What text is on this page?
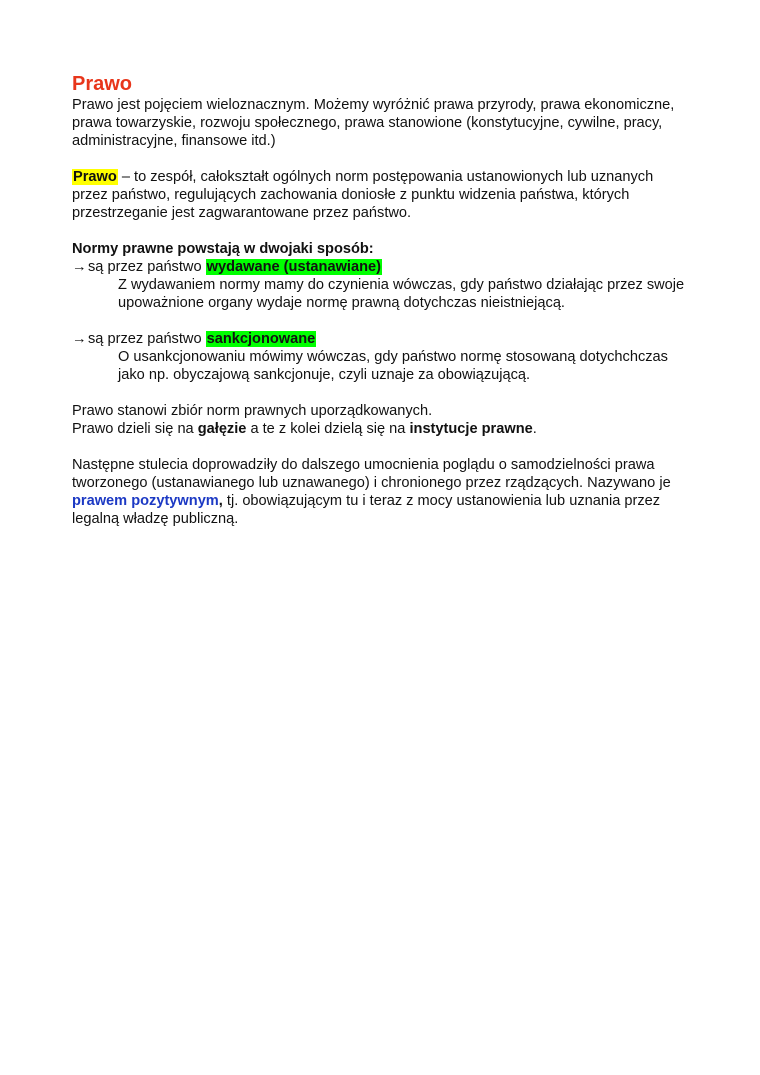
Prawo

Prawo jest pojęciem wieloznacznym. Możemy wyróżnić prawa przyrody, prawa ekonomiczne, prawa towarzyskie, rozwoju społecznego, prawa stanowione (konstytucyjne, cywilne, pracy, administracyjne, finansowe itd.)

Prawo – to zespół, całokształt ogólnych norm postępowania ustanowionych lub uznanych przez państwo, regulujących zachowania doniosłe z punktu widzenia państwa, których przestrzeganie jest zagwarantowane przez państwo.

Normy prawne powstają w dwojaki sposób:

→są przez państwo wydawane (ustanawiane)

Z wydawaniem normy mamy do czynienia wówczas, gdy państwo działając przez swoje upoważnione organy wydaje normę prawną dotychczas nieistniejącą.

→są przez państwo sankcjonowane

O usankcjonowaniu mówimy wówczas, gdy państwo normę stosowaną dotychchczas jako np. obyczajową sankcjonuje, czyli uznaje za obowiązującą.

Prawo stanowi zbiór norm prawnych uporządkowanych.

Prawo dzieli się na gałęzie a te z kolei dzielą się na instytucje prawne.

Następne stulecia doprowadziły do dalszego umocnienia poglądu o samodzielności prawa tworzonego (ustanawianego lub uznawanego) i chronionego przez rządzących. Nazywano je prawem pozytywnym, tj. obowiązującym tu i teraz z mocy ustanowienia lub uznania przez legalną władzę publiczną.
